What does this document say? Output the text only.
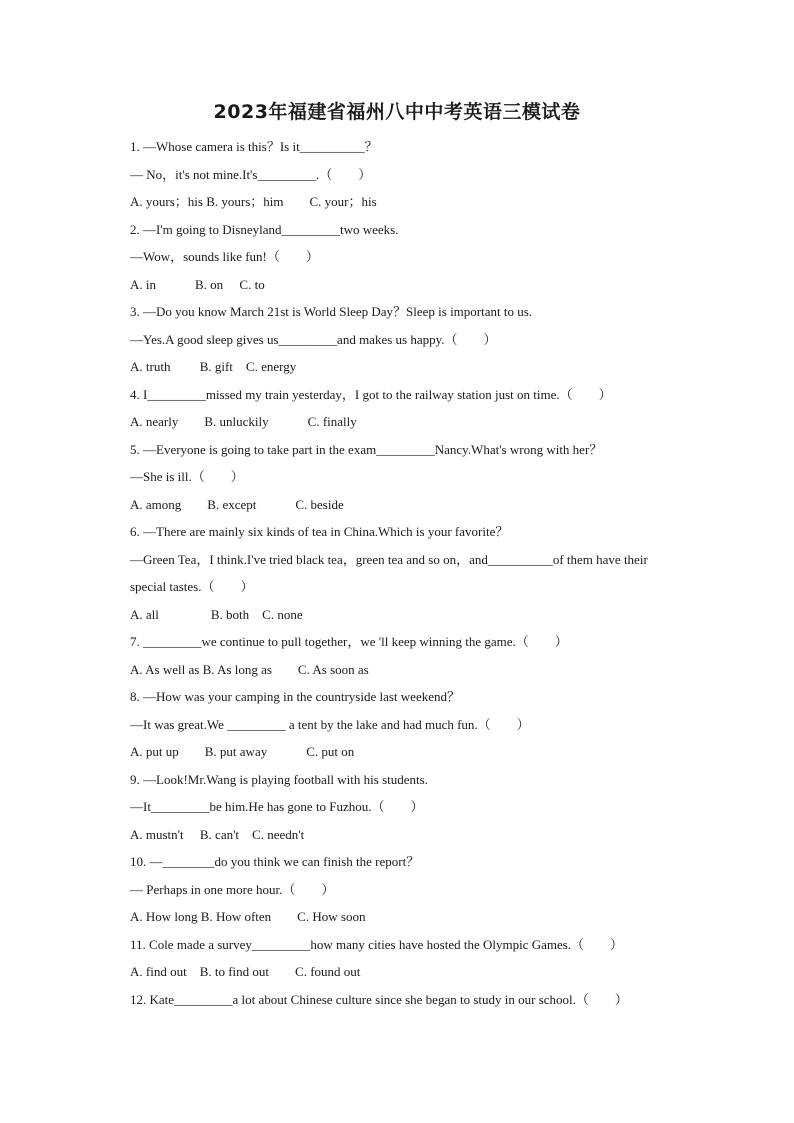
2023年福建省福州八中中考英语三模试卷
1. —Whose camera is this？Is it__________？
— No，it's not mine.It's_________.（　　）
A. yours；his B. yours；him　　C. your；his
2. —I'm going to Disneyland_________two weeks.
—Wow，sounds like fun!（　　）
A. in　　　B. on　 C. to
3. —Do you know March 21st is World Sleep Day？Sleep is important to us.
—Yes.A good sleep gives us_________and makes us happy.（　　）
A. truth　　 B. gift　C. energy
4. I_________missed my train yesterday，I got to the railway station just on time.（　　）
A. nearly　　B. unluckily　　　C. finally
5. —Everyone is going to take part in the exam_________Nancy.What's wrong with her？
—She is ill.（　　）
A. among　　B. except　　　C. beside
6. —There are mainly six kinds of tea in China.Which is your favorite？
—Green Tea，I think.I've tried black tea，green tea and so on，and__________of them have their
special tastes.（　　）
A. all　　　　B. both　C. none
7. _________we continue to pull together，we 'll keep winning the game.（　　）
A. As well as B. As long as　　C. As soon as
8. —How was your camping in the countryside last weekend？
—It was great.We _________ a tent by the lake and had much fun.（　　）
A. put up　　B. put away　　　C. put on
9. —Look!Mr.Wang is playing football with his students.
—It_________be him.He has gone to Fuzhou.（　　）
A. mustn't　 B. can't　C. needn't
10. —________do you think we can finish the report？
— Perhaps in one more hour.（　　）
A. How long B. How often　　C. How soon
11. Cole made a survey_________how many cities have hosted the Olympic Games.（　　）
A. find out　B. to find out　　C. found out
12. Kate_________a lot about Chinese culture since she began to study in our school.（　　）
